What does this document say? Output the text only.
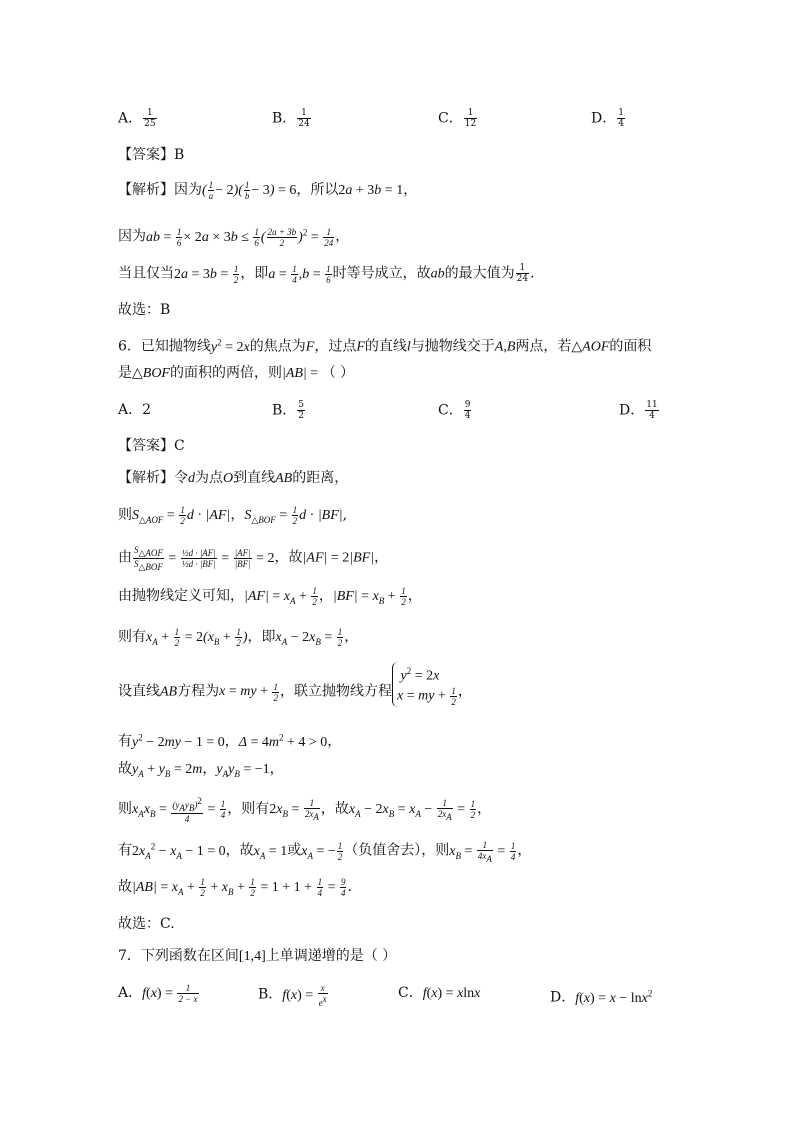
A． $\frac{1}{25}$	B． $\frac{1}{24}$	C． $\frac{1}{12}$	D． $\frac{1}{4}$
【答案】B
【解析】因为( $\frac{1}{a} - 2)( \frac{1}{b} - 3) = 6$，所以2a + 3b = 1，
因为ab = $\frac{1}{6} \times 2a \times 3b \le \frac{1}{6}$ ( $\frac{2a + 3b}{2} )^2 = \frac{1}{24}$ ，
当且仅当$2a = 3b = \frac{1}{2}$ ，即$a = \frac{1}{4} ,b = \frac{1}{6}$ 时等号成立，故ab的最大值为 $\frac{1}{24}$ .
故选：B
6．已知抛物线$y^2 = 2x$的焦点为F，过点F的直线l与抛物线交于A,B两点，若△AOF的面积
是△BOF的面积的两倍，则|AB| = （ ）
A．2	B． $\frac{5}{2}$	C． $\frac{9}{4}$	D． $\frac{11}{4}$
【答案】C
【解析】令d为点O到直线AB的距离，
则$S_{\triangle AOF} = \frac{1}{2}$ d · |AF|，$S_{\triangle BOF} = \frac{1}{2}$ d · |BF|,
由 $\frac{S_{\triangle AOF}}{S_{\triangle BOF}} = \frac{\text{½d · |AF|}}{\text{½d · |BF|}} = \frac{|AF|}{|BF|} = 2$，故|AF| = 2|BF|，
由抛物线定义可知，$|AF| = x_A + \frac{1}{2}$ ，$|BF| = x_B + \frac{1}{2}$ ，
则有$x_A + \frac{1}{2} = 2(x_B + \frac{1}{2}$ )，即$x_A - 2x_B = \frac{1}{2}$ ，
设直线AB方程为x = my + $\frac{1}{2}$ ，联立抛物线方程
$y^2 = 2x$
x = my + $\frac{1}{2}$ ，
有$y^2 - 2my - 1 = 0$，$\Delta = 4m^2 + 4 > 0$，
故$y_A + y_B = 2m$，$y_Ay_B = -1$，
则$x_Ax_B = \frac{(y_Ay_B)^2}{4} = \frac{1}{4}$ ，则有$2x_B = \frac{1}{2x_A}$ ，故$x_A - 2x_B = x_A - \frac{1}{2x_A} = \frac{1}{2}$ ，
有$2x_A^2 - x_A - 1 = 0$，故$x_A = 1$或$x_A$ = − $\frac{1}{2}$ （负值舍去），则$x_B = \frac{1}{4x_A} = \frac{1}{4}$ ，
故$|AB| = x_A + \frac{1}{2} + x_B + \frac{1}{2} = 1 + 1 + \frac{1}{4} = \frac{9}{4}$ .
故选：C.
7．下列函数在区间[1,4]上单调递增的是（ ）
A．$f(x) = \frac{1}{2 - x}$	B．$f(x) = \frac{x}{e^x}$	C．f(x) = xlnx	D．f(x) = x − lnx$^2$
